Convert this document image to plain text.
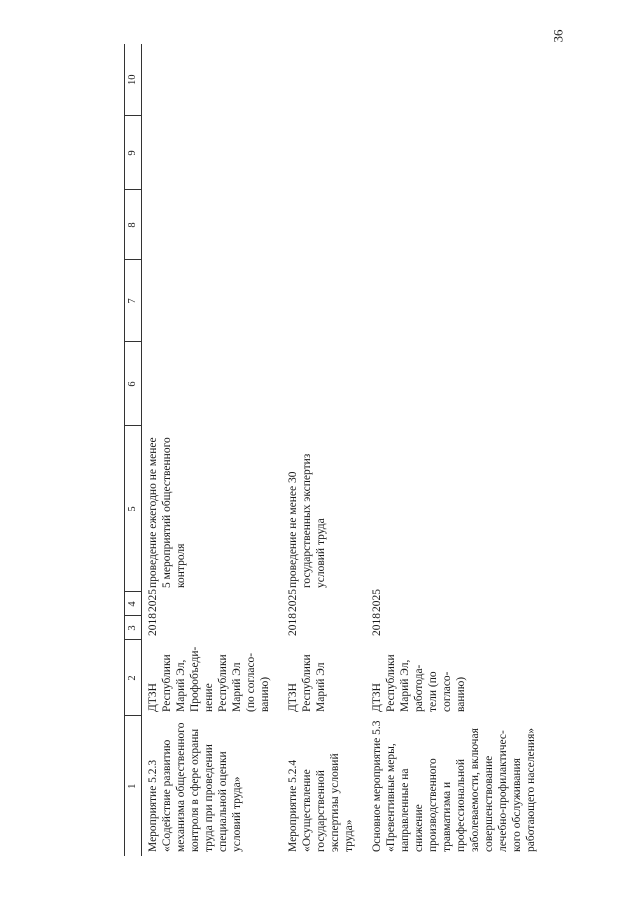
36
1	2	3	4	5	6	7	8	9	10
Мероприятие 5.2.3 «Содействие развитию механизма общественного контроля в сфере охраны труда при проведении специальной оценки условий труда»	ДТЗН Республики Марий Эл, Профобъеди-нение Республики Марий Эл (по согласо-ванию)	2018	2025	проведение ежегодно не менее 5 мероприятий общественного контроля					
Мероприятие 5.2.4 «Осуществление государственной экспертизы условий труда»	ДТЗН Республики Марий Эл	2018	2025	проведение не менее 30 государственных экспертиз условий труда					
Основное мероприятие 5.3 «Превентивные меры, направленные на снижение производственного травматизма и профессиональной заболеваемости, включая совершенствование лечебно-профилактичес-кого обслуживания работающего населения»	ДТЗН Республики Марий Эл, работода-тели (по согласо-ванию)	2018	2025						
